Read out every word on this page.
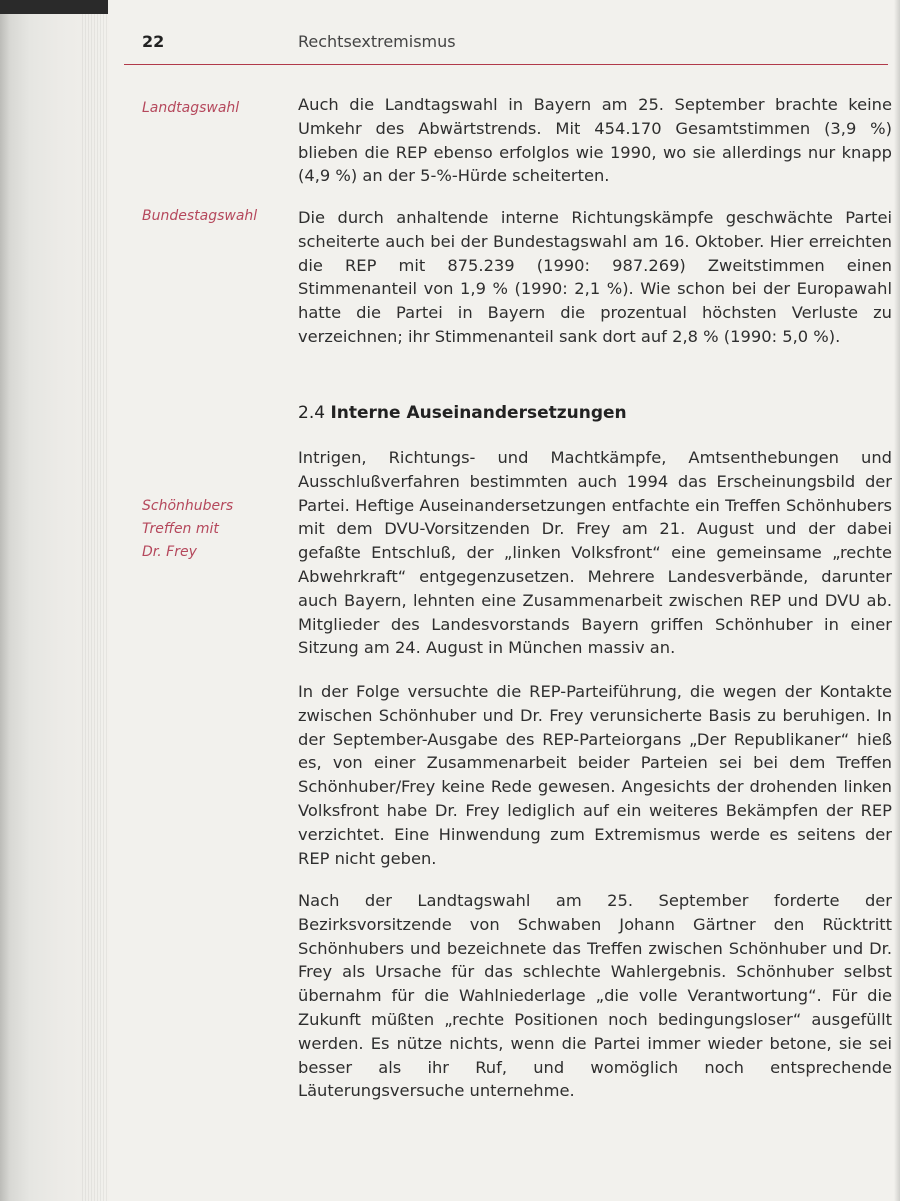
22	Rechtsextremismus
Landtagswahl
Bundestagswahl
Schönhubers
Treffen mit
Dr. Frey

Auch die Landtagswahl in Bayern am 25. September brachte keine Umkehr des Abwärtstrends. Mit 454.170 Gesamtstimmen (3,9 %) blieben die REP ebenso erfolglos wie 1990, wo sie allerdings nur knapp (4,9 %) an der 5-%-Hürde scheiterten.

Die durch anhaltende interne Richtungskämpfe geschwächte Partei scheiterte auch bei der Bundestagswahl am 16. Oktober. Hier erreichten die REP mit 875.239 (1990: 987.269) Zweitstimmen einen Stimmenanteil von 1,9 % (1990: 2,1 %). Wie schon bei der Europawahl hatte die Partei in Bayern die prozentual höchsten Verluste zu verzeichnen; ihr Stimmenanteil sank dort auf 2,8 % (1990: 5,0 %).

2.4 Interne Auseinandersetzungen

Intrigen, Richtungs- und Machtkämpfe, Amtsenthebungen und Ausschlußverfahren bestimmten auch 1994 das Erscheinungsbild der Partei. Heftige Auseinandersetzungen entfachte ein Treffen Schönhubers mit dem DVU-Vorsitzenden Dr. Frey am 21. August und der dabei gefaßte Entschluß, der „linken Volksfront“ eine gemeinsame „rechte Abwehrkraft“ entgegenzusetzen. Mehrere Landesverbände, darunter auch Bayern, lehnten eine Zusammenarbeit zwischen REP und DVU ab. Mitglieder des Landesvorstands Bayern griffen Schönhuber in einer Sitzung am 24. August in München massiv an.

In der Folge versuchte die REP-Parteiführung, die wegen der Kontakte zwischen Schönhuber und Dr. Frey verunsicherte Basis zu beruhigen. In der September-Ausgabe des REP-Parteiorgans „Der Republikaner“ hieß es, von einer Zusammenarbeit beider Parteien sei bei dem Treffen Schönhuber/Frey keine Rede gewesen. Angesichts der drohenden linken Volksfront habe Dr. Frey lediglich auf ein weiteres Bekämpfen der REP verzichtet. Eine Hinwendung zum Extremismus werde es seitens der REP nicht geben.

Nach der Landtagswahl am 25. September forderte der Bezirksvorsitzende von Schwaben Johann Gärtner den Rücktritt Schönhubers und bezeichnete das Treffen zwischen Schönhuber und Dr. Frey als Ursache für das schlechte Wahlergebnis. Schönhuber selbst übernahm für die Wahlniederlage „die volle Verantwortung“. Für die Zukunft müßten „rechte Positionen noch bedingungsloser“ ausgefüllt werden. Es nütze nichts, wenn die Partei immer wieder betone, sie sei besser als ihr Ruf, und womöglich noch entsprechende Läuterungsversuche unternehme.
